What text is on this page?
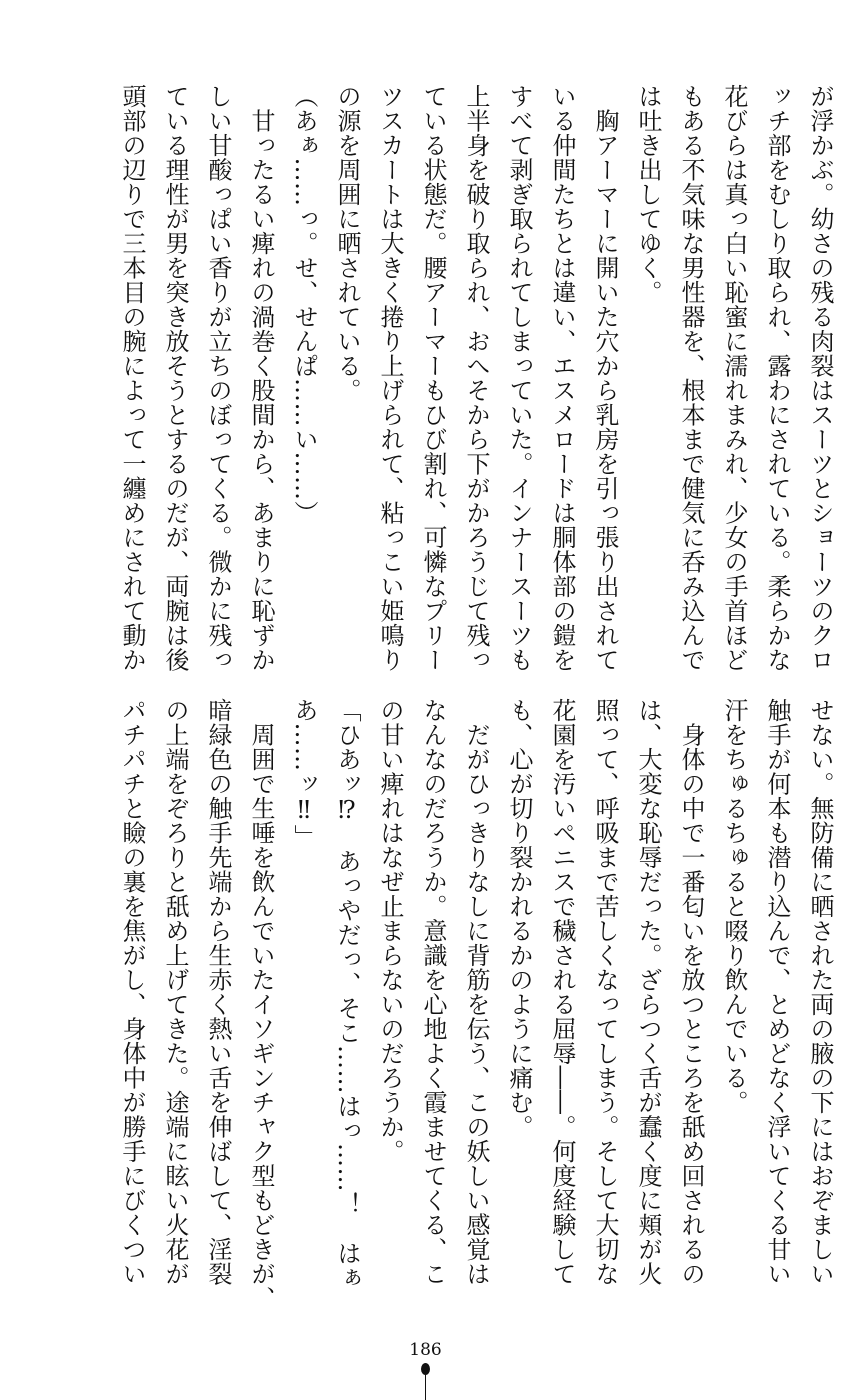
が浮かぶ。幼さの残る肉裂はスーツとショーツのクロ
ッチ部をむしり取られ、露わにされている。柔らかな
花びらは真っ白い恥蜜に濡れまみれ、少女の手首ほど
もある不気味な男性器を、根本まで健気に呑み込んで
は吐き出してゆく。
　胸アーマーに開いた穴から乳房を引っ張り出されて
いる仲間たちとは違い、エスメロードは胴体部の鎧を
すべて剥ぎ取られてしまっていた。インナースーツも
上半身を破り取られ、おへそから下がかろうじて残っ
ている状態だ。腰アーマーもひび割れ、可憐なプリー
ツスカートは大きく捲り上げられて、粘っこい姫鳴り
の源を周囲に晒されている。
（あぁ……っ。せ、せんぱ……い……）
　甘ったるい痺れの渦巻く股間から、あまりに恥ずか
しい甘酸っぱい香りが立ちのぼってくる。微かに残っ
ている理性が男を突き放そうとするのだが、両腕は後
頭部の辺りで三本目の腕によって一纏めにされて動か
せない。無防備に晒された両の腋の下にはおぞましい
触手が何本も潜り込んで、とめどなく浮いてくる甘い
汗をちゅるちゅると啜り飲んでいる。
　身体の中で一番匂いを放つところを舐め回されるの
は、大変な恥辱だった。ざらつく舌が蠢く度に頬が火
照って、呼吸まで苦しくなってしまう。そして大切な
花園を汚いペニスで穢される屈辱――。何度経験して
も、心が切り裂かれるかのように痛む。
　だがひっきりなしに背筋を伝う、この妖しい感覚は
なんなのだろうか。意識を心地よく霞ませてくる、こ
の甘い痺れはなぜ止まらないのだろうか。
「ひあッ⁉　あっやだっ、そこ……はっ……！　はぁ
あ……ッ‼」
　周囲で生唾を飲んでいたイソギンチャク型もどきが、
暗緑色の触手先端から生赤く熱い舌を伸ばして、淫裂
の上端をぞろりと舐め上げてきた。途端に眩い火花が
パチパチと瞼の裏を焦がし、身体中が勝手にびくつい
186
